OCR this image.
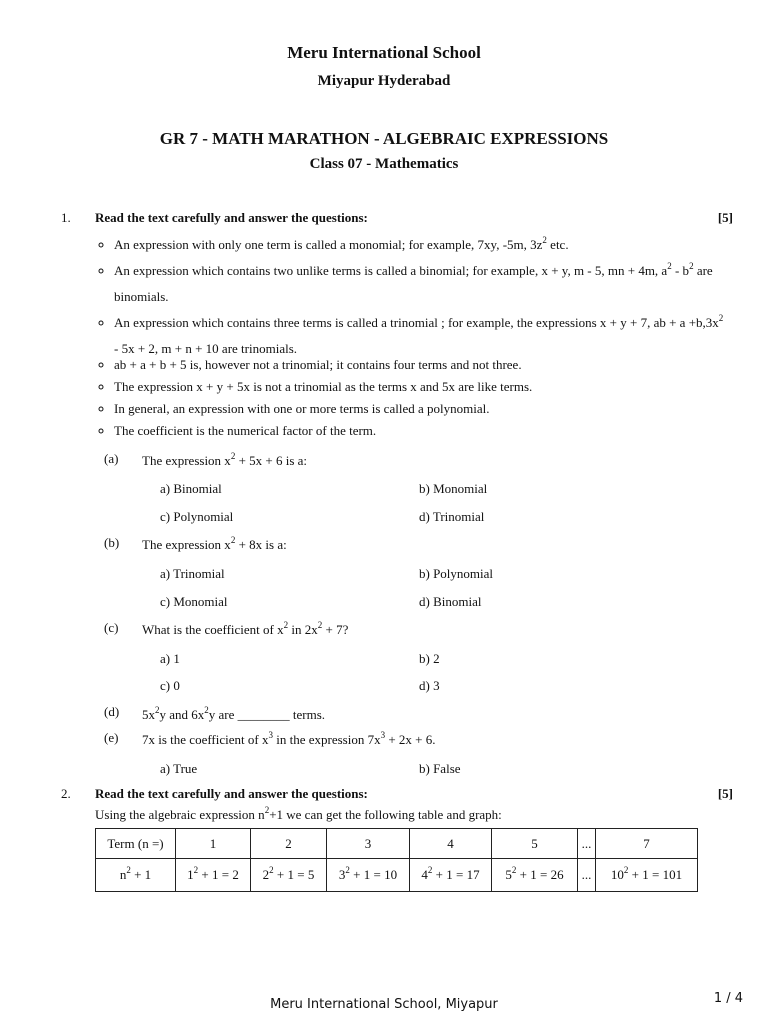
Meru International School
Miyapur Hyderabad
GR 7 - MATH MARATHON - ALGEBRAIC EXPRESSIONS
Class 07 - Mathematics
1. Read the text carefully and answer the questions:	[5]
◦ An expression with only one term is called a monomial; for example, 7xy, -5m, $3z^2$ etc.
◦ An expression which contains two unlike terms is called a binomial; for example, x + y, m - 5, mn + 4m, $a^2 - b^2$ are binomials.
◦ An expression which contains three terms is called a trinomial ; for example, the expressions x + y + 7, ab + $a +b,3x^2 - 5x + 2$, m + n + 10 are trinomials.
◦ ab + a + b + 5 is, however not a trinomial; it contains four terms and not three.
◦ The expression x + y + 5x is not a trinomial as the terms x and 5x are like terms.
◦ In general, an expression with one or more terms is called a polynomial.
◦ The coefficient is the numerical factor of the term.
(a) The expression $x^2 + 5x + 6$ is a:
a) Binomial	b) Monomial
c) Polynomial	d) Trinomial
(b) The expression $x^2 + 8x$ is a:
a) Trinomial	b) Polynomial
c) Monomial	d) Binomial
(c) What is the coefficient of $x^2$ in $2x^2 + 7$?
a) 1	b) 2
c) 0	d) 3
(d) $5x^2y$ and $6x^2y$ are ________ terms.
(e) 7x is the coefficient of $x^3$ in the expression $7x^3 + 2x + 6$.
a) True	b) False
2. Read the text carefully and answer the questions:	[5]
Using the algebraic expression $n^2+1$ we can get the following table and graph:
Term (n =)	1	2	3	4	5	...	7
$n^2 + 1$	$1^2 + 1 = 2$	$2^2 + 1 = 5$	$3^2 + 1 = 10$	$4^2 + 1 = 17$	$5^2 + 1 = 26$	...	$10^2 + 1 = 101$
Meru International School, Miyapur	1 / 4
